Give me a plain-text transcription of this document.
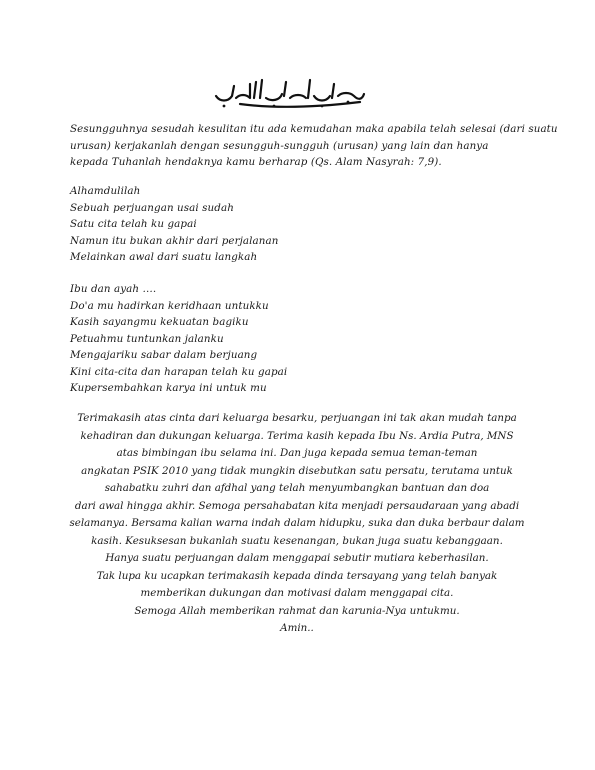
بسم الله الرحمن الرحيم
Sesungguhnya sesudah kesulitan itu ada kemudahan maka apabila telah selesai (dari suatu
urusan) kerjakanlah dengan sesungguh-sungguh (urusan) yang lain dan hanya
kepada Tuhanlah hendaknya kamu berharap (Qs. Alam Nasyrah: 7,9).
Alhamdulilah
Sebuah perjuangan usai sudah
Satu cita telah ku gapai
Namun itu bukan akhir dari perjalanan
Melainkan awal dari suatu langkah
Ibu dan ayah ….
Do'a mu hadirkan keridhaan untukku
Kasih sayangmu kekuatan bagiku
Petuahmu tuntunkan jalanku
Mengajariku sabar dalam berjuang
Kini cita-cita dan harapan telah ku gapai
Kupersembahkan karya ini untuk mu
Terimakasih atas cinta dari keluarga besarku, perjuangan ini tak akan mudah tanpa
kehadiran dan dukungan keluarga. Terima kasih kepada Ibu Ns. Ardia Putra, MNS
atas bimbingan ibu selama ini. Dan juga kepada semua teman-teman
angkatan PSIK 2010 yang tidak mungkin disebutkan satu persatu, terutama untuk
sahabatku zuhri dan afdhal yang telah menyumbangkan bantuan dan doa
dari awal hingga akhir. Semoga persahabatan kita menjadi persaudaraan yang abadi
selamanya. Bersama kalian warna indah dalam hidupku, suka dan duka berbaur dalam
kasih. Kesuksesan bukanlah suatu kesenangan, bukan juga suatu kebanggaan.
Hanya suatu perjuangan dalam menggapai sebutir mutiara keberhasilan.
Tak lupa ku ucapkan terimakasih kepada dinda tersayang yang telah banyak
memberikan dukungan dan motivasi dalam menggapai cita.
Semoga Allah memberikan rahmat dan karunia-Nya untukmu.
Amin..
